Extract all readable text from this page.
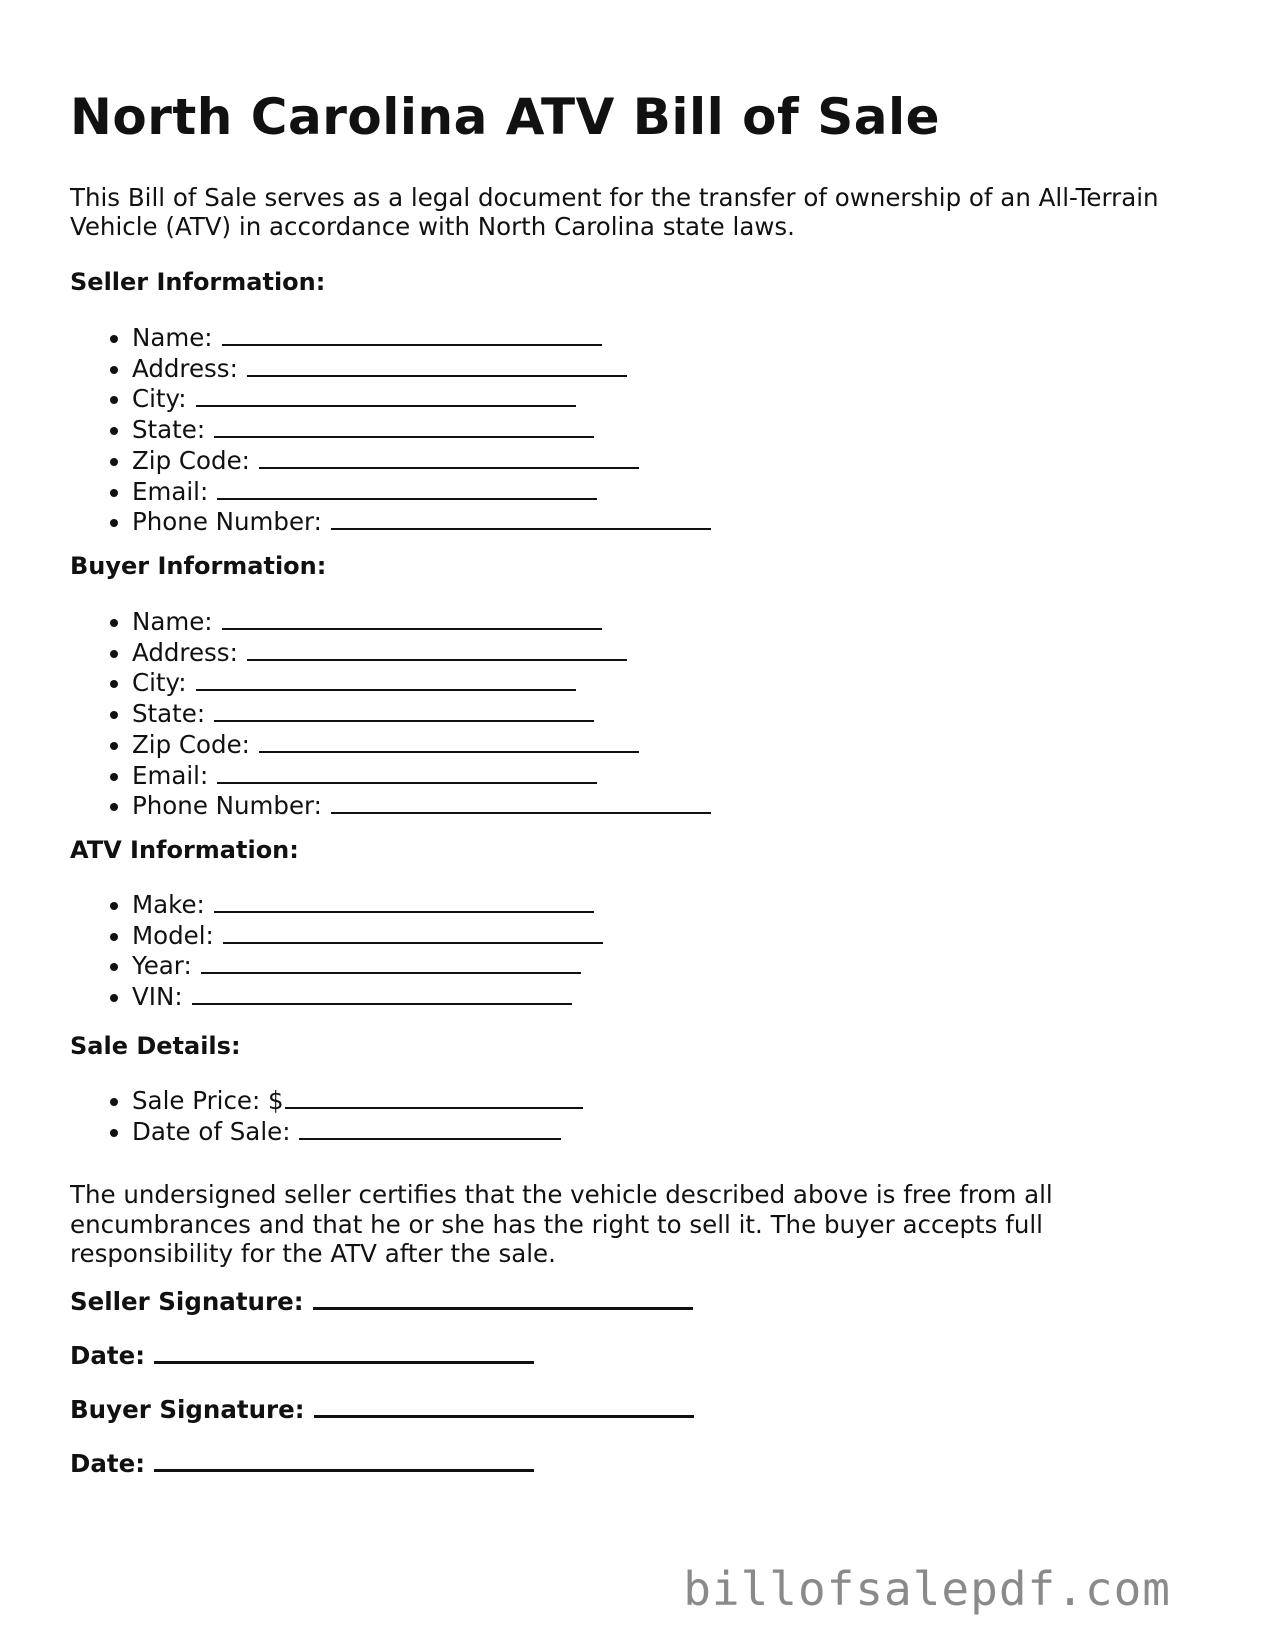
North Carolina ATV Bill of Sale

This Bill of Sale serves as a legal document for the transfer of ownership of an All-Terrain Vehicle (ATV) in accordance with North Carolina state laws.

Seller Information:

• Name:
• Address:
• City:
• State:
• Zip Code:
• Email:
• Phone Number:

Buyer Information:

• Name:
• Address:
• City:
• State:
• Zip Code:
• Email:
• Phone Number:

ATV Information:

• Make:
• Model:
• Year:
• VIN:

Sale Details:

• Sale Price: $
• Date of Sale:

The undersigned seller certifies that the vehicle described above is free from all encumbrances and that he or she has the right to sell it. The buyer accepts full responsibility for the ATV after the sale.

Seller Signature:

Date:

Buyer Signature:

Date:

billofsalepdf.com
